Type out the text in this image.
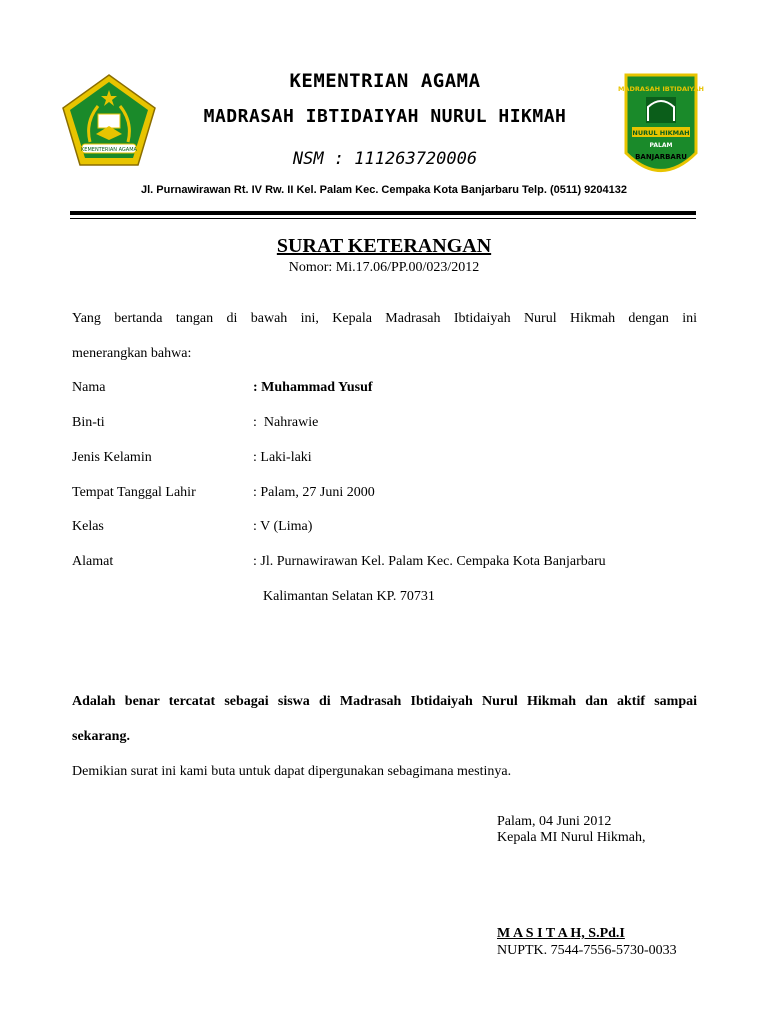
KEMENTERIAN AGAMA
MADRASAH IBTIDAIYAH
NURUL HIKMAH
PALAM
BANJARBARU
KEMENTRIAN AGAMA
MADRASAH IBTIDAIYAH NURUL HIKMAH
NSM : 111263720006
Jl. Purnawirawan Rt. IV Rw. II Kel. Palam Kec. Cempaka Kota Banjarbaru Telp. (0511) 9204132
SURAT KETERANGAN
Nomor: Mi.17.06/PP.00/023/2012
Yang bertanda tangan di bawah ini, Kepala Madrasah Ibtidaiyah Nurul Hikmah dengan ini
menerangkan bahwa:
Nama	: Muhammad Yusuf
Bin-ti	:  Nahrawie
Jenis Kelamin	: Laki-laki
Tempat Tanggal Lahir	: Palam, 27 Juni 2000
Kelas	: V (Lima)
Alamat	: Jl. Purnawirawan Kel. Palam Kec. Cempaka Kota Banjarbaru
Kalimantan Selatan KP. 70731
Adalah benar tercatat sebagai siswa di Madrasah Ibtidaiyah Nurul Hikmah dan aktif sampai
sekarang.
Demikian surat ini kami buta untuk dapat dipergunakan sebagimana mestinya.
Palam, 04 Juni 2012
Kepala MI Nurul Hikmah,
M A S I T A H, S.Pd.I
NUPTK. 7544-7556-5730-0033
